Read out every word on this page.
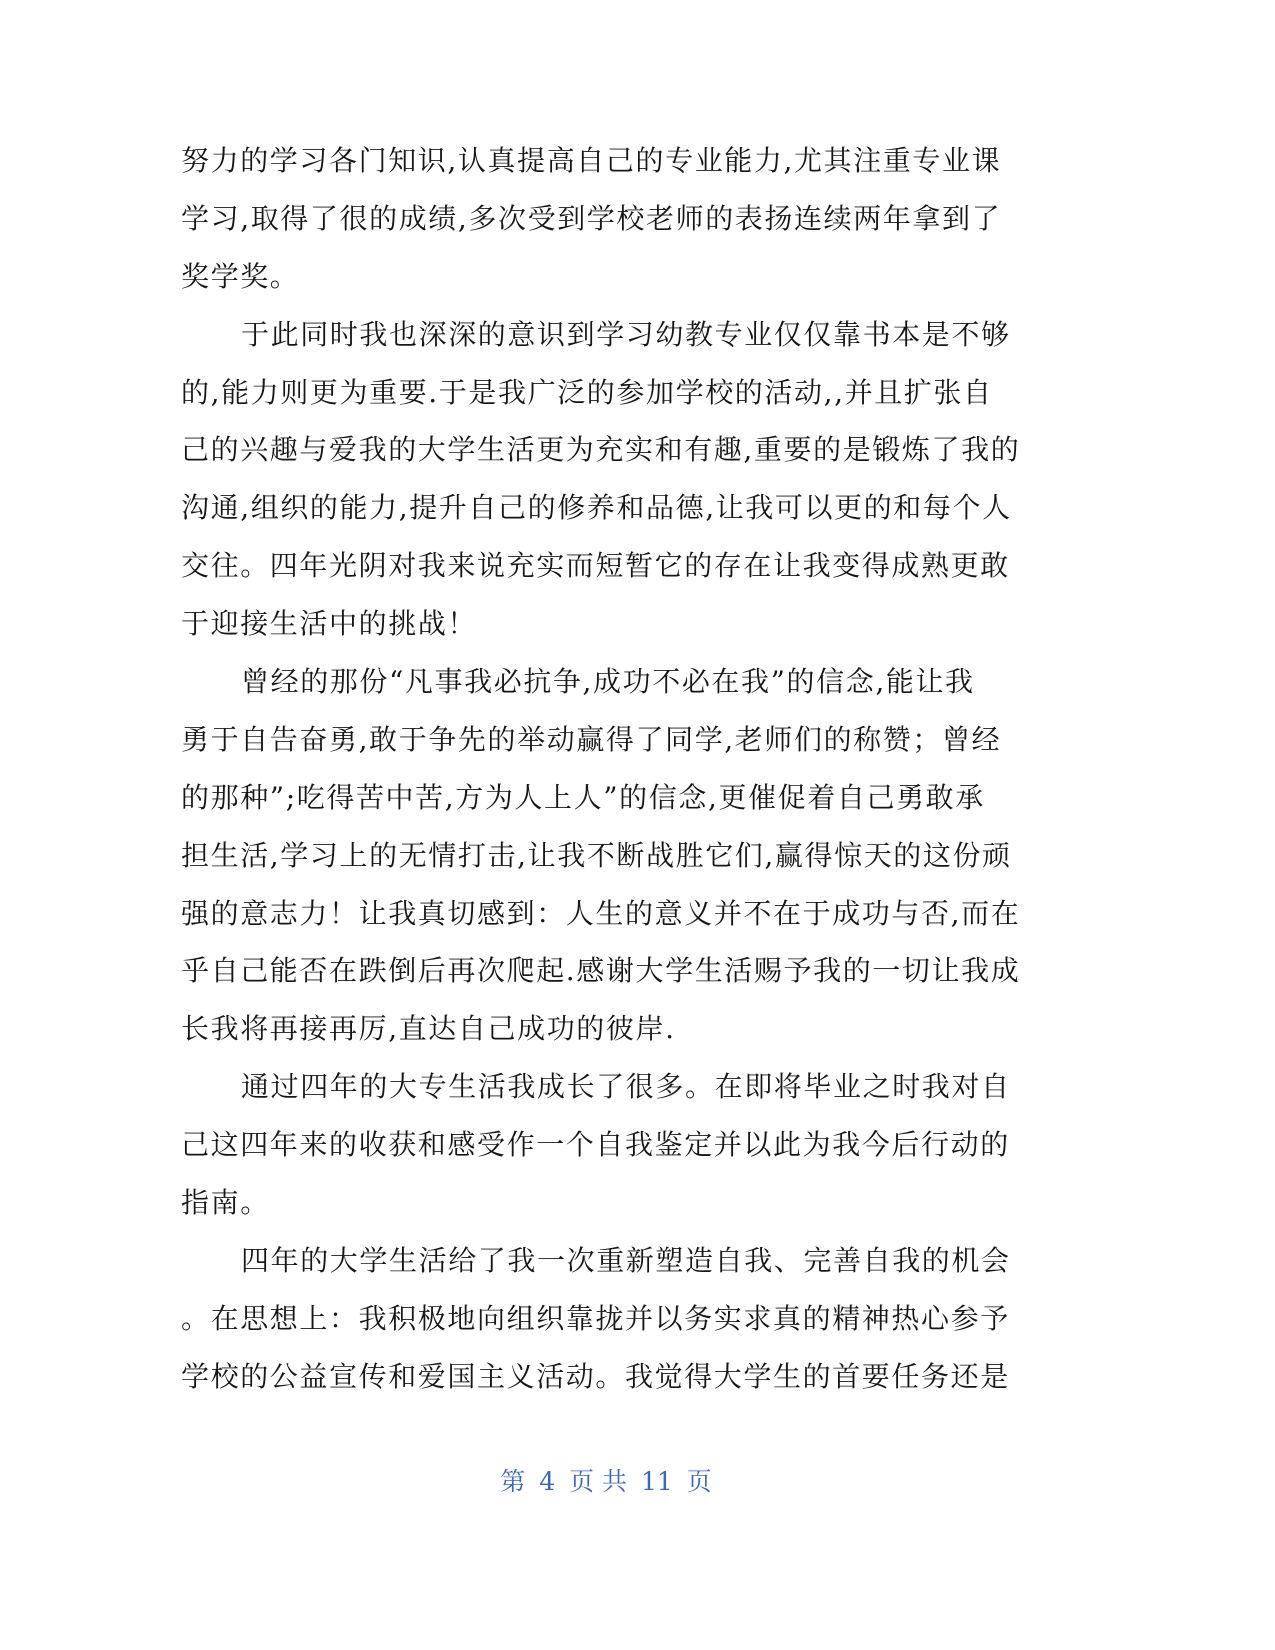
努力的学习各门知识,认真提高自己的专业能力,尤其注重专业课
学习,取得了很的成绩,多次受到学校老师的表扬连续两年拿到了
奖学奖。
于此同时我也深深的意识到学习幼教专业仅仅靠书本是不够
的,能力则更为重要.于是我广泛的参加学校的活动,,并且扩张自
己的兴趣与爱我的大学生活更为充实和有趣,重要的是锻炼了我的
沟通,组织的能力,提升自己的修养和品德,让我可以更的和每个人
交往。四年光阴对我来说充实而短暂它的存在让我变得成熟更敢
于迎接生活中的挑战！
曾经的那份“凡事我必抗争,成功不必在我”的信念,能让我
勇于自告奋勇,敢于争先的举动赢得了同学,老师们的称赞；曾经
的那种”;吃得苦中苦,方为人上人”的信念,更催促着自己勇敢承
担生活,学习上的无情打击,让我不断战胜它们,赢得惊天的这份顽
强的意志力！让我真切感到：人生的意义并不在于成功与否,而在
乎自己能否在跌倒后再次爬起.感谢大学生活赐予我的一切让我成
长我将再接再厉,直达自己成功的彼岸.
通过四年的大专生活我成长了很多。在即将毕业之时我对自
己这四年来的收获和感受作一个自我鉴定并以此为我今后行动的
指南。
四年的大学生活给了我一次重新塑造自我、完善自我的机会
。在思想上：我积极地向组织靠拢并以务实求真的精神热心参予
学校的公益宣传和爱国主义活动。我觉得大学生的首要任务还是
第 4 页 共 11 页
